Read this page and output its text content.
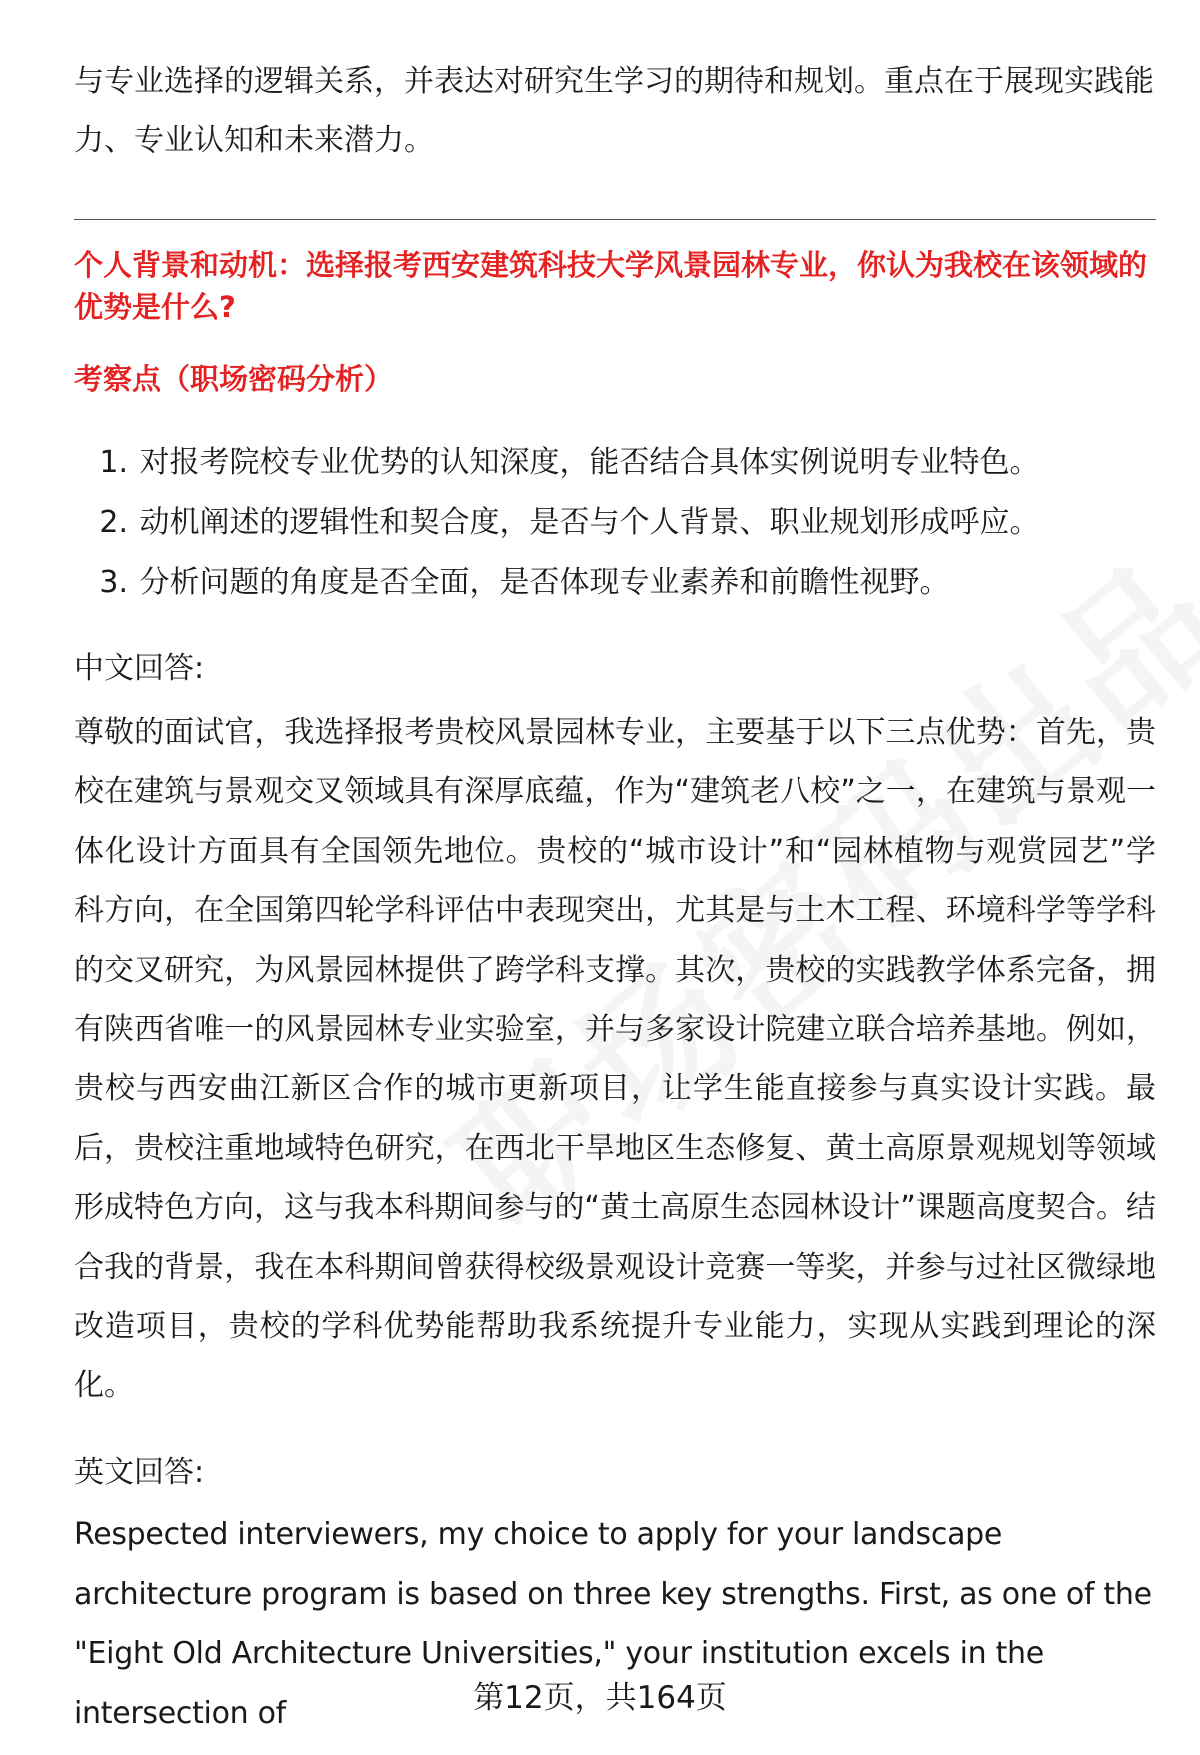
与专业选择的逻辑关系，并表达对研究生学习的期待和规划。重点在于展现实践能力、专业认知和未来潜力。

个人背景和动机：选择报考西安建筑科技大学风景园林专业，你认为我校在该领域的优势是什么?

考察点（职场密码分析）

1. 对报考院校专业优势的认知深度，能否结合具体实例说明专业特色。
2. 动机阐述的逻辑性和契合度，是否与个人背景、职业规划形成呼应。
3. 分析问题的角度是否全面，是否体现专业素养和前瞻性视野。

中文回答:

尊敬的面试官，我选择报考贵校风景园林专业，主要基于以下三点优势：首先，贵校在建筑与景观交叉领域具有深厚底蕴，作为“建筑老八校”之一，在建筑与景观一体化设计方面具有全国领先地位。贵校的“城市设计”和“园林植物与观赏园艺”学科方向，在全国第四轮学科评估中表现突出，尤其是与土木工程、环境科学等学科的交叉研究，为风景园林提供了跨学科支撑。其次，贵校的实践教学体系完备，拥有陕西省唯一的风景园林专业实验室，并与多家设计院建立联合培养基地。例如，贵校与西安曲江新区合作的城市更新项目，让学生能直接参与真实设计实践。最后，贵校注重地域特色研究，在西北干旱地区生态修复、黄土高原景观规划等领域形成特色方向，这与我本科期间参与的“黄土高原生态园林设计”课题高度契合。结合我的背景，我在本科期间曾获得校级景观设计竞赛一等奖，并参与过社区微绿地改造项目，贵校的学科优势能帮助我系统提升专业能力，实现从实践到理论的深化。

英文回答:

Respected interviewers, my choice to apply for your landscape architecture program is based on three key strengths. First, as one of the "Eight Old Architecture Universities," your institution excels in the intersection of	第12页，共164页
